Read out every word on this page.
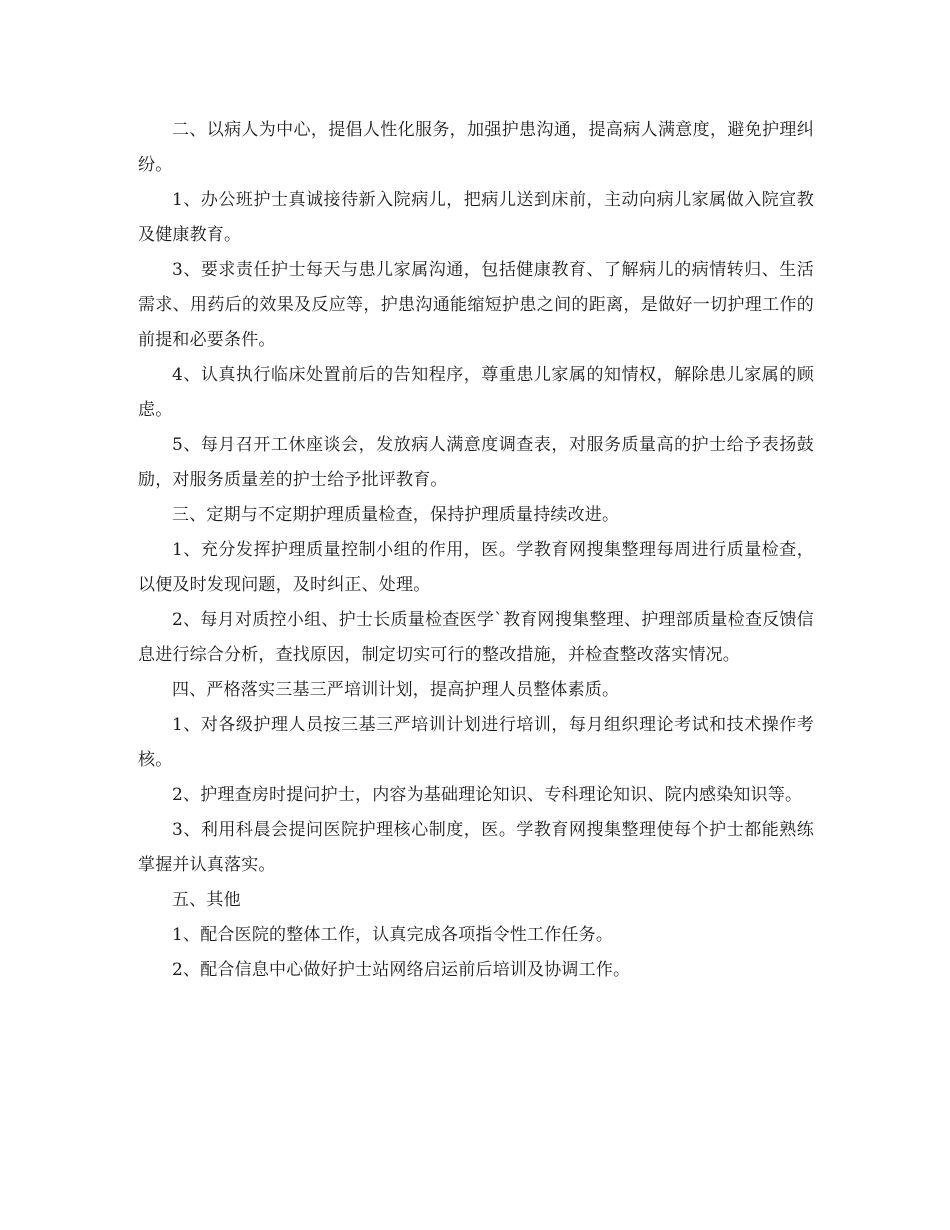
二、以病人为中心，提倡人性化服务，加强护患沟通，提高病人满意度，避免护理纠纷。

1、办公班护士真诚接待新入院病儿，把病儿送到床前，主动向病儿家属做入院宣教及健康教育。

3、要求责任护士每天与患儿家属沟通，包括健康教育、了解病儿的病情转归、生活需求、用药后的效果及反应等，护患沟通能缩短护患之间的距离，是做好一切护理工作的前提和必要条件。

4、认真执行临床处置前后的告知程序，尊重患儿家属的知情权，解除患儿家属的顾虑。

5、每月召开工休座谈会，发放病人满意度调查表，对服务质量高的护士给予表扬鼓励，对服务质量差的护士给予批评教育。

三、定期与不定期护理质量检查，保持护理质量持续改进。

1、充分发挥护理质量控制小组的作用，医。学教育网搜集整理每周进行质量检查，以便及时发现问题，及时纠正、处理。

2、每月对质控小组、护士长质量检查医学`教育网搜集整理、护理部质量检查反馈信息进行综合分析，查找原因，制定切实可行的整改措施，并检查整改落实情况。

四、严格落实三基三严培训计划，提高护理人员整体素质。

1、对各级护理人员按三基三严培训计划进行培训，每月组织理论考试和技术操作考核。

2、护理查房时提问护士，内容为基础理论知识、专科理论知识、院内感染知识等。

3、利用科晨会提问医院护理核心制度，医。学教育网搜集整理使每个护士都能熟练掌握并认真落实。

五、其他

1、配合医院的整体工作，认真完成各项指令性工作任务。

2、配合信息中心做好护士站网络启运前后培训及协调工作。
